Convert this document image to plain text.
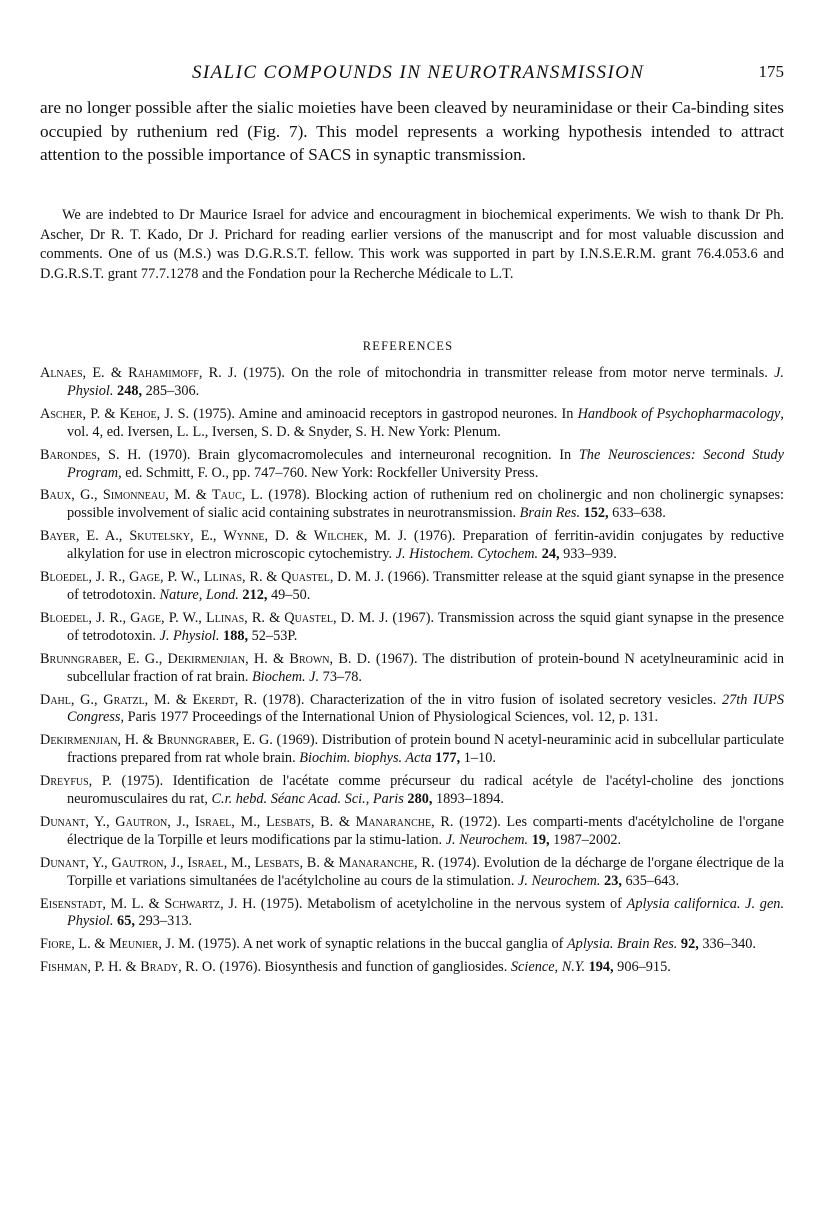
SIALIC COMPOUNDS IN NEUROTRANSMISSION	175

are no longer possible after the sialic moieties have been cleaved by neuraminidase or their Ca-binding sites occupied by ruthenium red (Fig. 7). This model represents a working hypothesis intended to attract attention to the possible importance of SACS in synaptic transmission.

We are indebted to Dr Maurice Israel for advice and encouragment in biochemical experiments. We wish to thank Dr Ph. Ascher, Dr R. T. Kado, Dr J. Prichard for reading earlier versions of the manuscript and for most valuable discussion and comments. One of us (M.S.) was D.G.R.S.T. fellow. This work was supported in part by I.N.S.E.R.M. grant 76.4.053.6 and D.G.R.S.T. grant 77.7.1278 and the Fondation pour la Recherche Médicale to L.T.

REFERENCES
Alnaes, E. & Rahamimoff, R. J. (1975). On the role of mitochondria in transmitter release from motor nerve terminals. J. Physiol. 248, 285–306.
Ascher, P. & Kehoe, J. S. (1975). Amine and aminoacid receptors in gastropod neurones. In Handbook of Psychopharmacology, vol. 4, ed. Iversen, L. L., Iversen, S. D. & Snyder, S. H. New York: Plenum.
Barondes, S. H. (1970). Brain glycomacromolecules and interneuronal recognition. In The Neurosciences: Second Study Program, ed. Schmitt, F. O., pp. 747–760. New York: Rockfeller University Press.
Baux, G., Simonneau, M. & Tauc, L. (1978). Blocking action of ruthenium red on cholinergic and non cholinergic synapses: possible involvement of sialic acid containing substrates in neurotransmission. Brain Res. 152, 633–638.
Bayer, E. A., Skutelsky, E., Wynne, D. & Wilchek, M. J. (1976). Preparation of ferritin-avidin conjugates by reductive alkylation for use in electron microscopic cytochemistry. J. Histochem. Cytochem. 24, 933–939.
Bloedel, J. R., Gage, P. W., Llinas, R. & Quastel, D. M. J. (1966). Transmitter release at the squid giant synapse in the presence of tetrodotoxin. Nature, Lond. 212, 49–50.
Bloedel, J. R., Gage, P. W., Llinas, R. & Quastel, D. M. J. (1967). Transmission across the squid giant synapse in the presence of tetrodotoxin. J. Physiol. 188, 52–53P.
Brunngraber, E. G., Dekirmenjian, H. & Brown, B. D. (1967). The distribution of protein-bound N acetylneuraminic acid in subcellular fraction of rat brain. Biochem. J. 73–78.
Dahl, G., Gratzl, M. & Ekerdt, R. (1978). Characterization of the in vitro fusion of isolated secretory vesicles. 27th IUPS Congress, Paris 1977 Proceedings of the International Union of Physiological Sciences, vol. 12, p. 131.
Dekirmenjian, H. & Brunngraber, E. G. (1969). Distribution of protein bound N acetyl-neuraminic acid in subcellular particulate fractions prepared from rat whole brain. Biochim. biophys. Acta 177, 1–10.
Dreyfus, P. (1975). Identification de l'acétate comme précurseur du radical acétyle de l'acétyl-choline des jonctions neuromusculaires du rat, C.r. hebd. Séanc Acad. Sci., Paris 280, 1893–1894.
Dunant, Y., Gautron, J., Israel, M., Lesbats, B. & Manaranche, R. (1972). Les comparti-ments d'acétylcholine de l'organe électrique de la Torpille et leurs modifications par la stimu-lation. J. Neurochem. 19, 1987–2002.
Dunant, Y., Gautron, J., Israel, M., Lesbats, B. & Manaranche, R. (1974). Evolution de la décharge de l'organe électrique de la Torpille et variations simultanées de l'acétylcholine au cours de la stimulation. J. Neurochem. 23, 635–643.
Eisenstadt, M. L. & Schwartz, J. H. (1975). Metabolism of acetylcholine in the nervous system of Aplysia californica. J. gen. Physiol. 65, 293–313.
Fiore, L. & Meunier, J. M. (1975). A net work of synaptic relations in the buccal ganglia of Aplysia. Brain Res. 92, 336–340.
Fishman, P. H. & Brady, R. O. (1976). Biosynthesis and function of gangliosides. Science, N.Y. 194, 906–915.
